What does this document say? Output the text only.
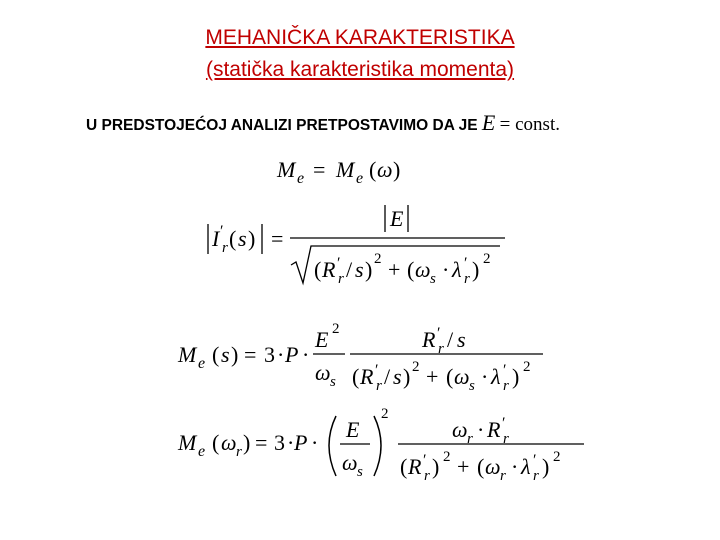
MEHANIČKA KARAKTERISTIKA
(statička karakteristika momenta)
U PREDSTOJEĆOJ ANALIZI PRETPOSTAVIMO DA JE E = const.
M e = M e ( ω )
I ′
r ( s ) =
E
( R ′
r / s ) 2 + ( ω s · λ ′
r ) 2
M e ( s ) = 3 · P ·
E 2
ω s
R ′
r / s
( R ′
r / s ) 2 + ( ω s · λ ′
r ) 2
M e ( ω r ) = 3 · P ·
E
ω s
2
ω r · R ′
r
( R ′
r ) 2 + ( ω r · λ ′
r ) 2
